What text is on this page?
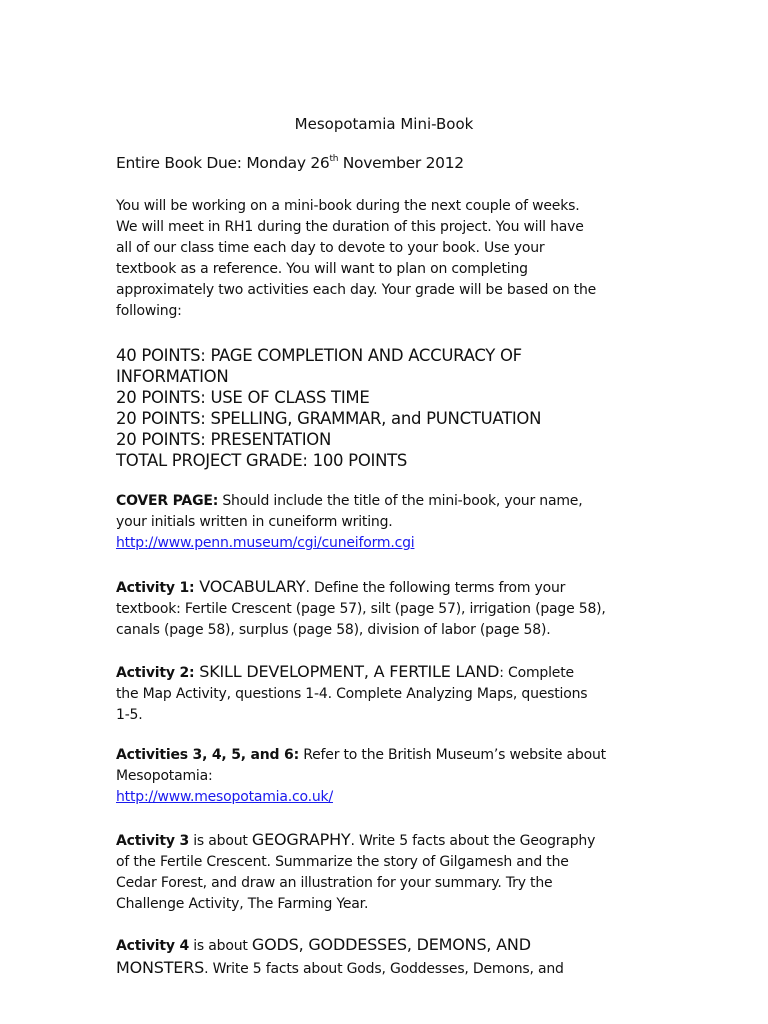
Mesopotamia Mini-Book

Entire Book Due: Monday 26th November 2012

You will be working on a mini-book during the next couple of weeks.

We will meet in RH1 during the duration of this project. You will have

all of our class time each day to devote to your book. Use your

textbook as a reference. You will want to plan on completing

approximately two activities each day. Your grade will be based on the

following:

40 POINTS: PAGE COMPLETION AND ACCURACY OF

INFORMATION

20 POINTS: USE OF CLASS TIME

20 POINTS: SPELLING, GRAMMAR, and PUNCTUATION

20 POINTS: PRESENTATION

TOTAL PROJECT GRADE: 100 POINTS

COVER PAGE: Should include the title of the mini-book, your name,

your initials written in cuneiform writing.

http://www.penn.museum/cgi/cuneiform.cgi

Activity 1: VOCABULARY. Define the following terms from your

textbook: Fertile Crescent (page 57), silt (page 57), irrigation (page 58),

canals (page 58), surplus (page 58), division of labor (page 58).

Activity 2: SKILL DEVELOPMENT, A FERTILE LAND: Complete

the Map Activity, questions 1-4. Complete Analyzing Maps, questions

1-5.

Activities 3, 4, 5, and 6: Refer to the British Museum’s website about

Mesopotamia:

http://www.mesopotamia.co.uk/

Activity 3 is about GEOGRAPHY. Write 5 facts about the Geography

of the Fertile Crescent. Summarize the story of Gilgamesh and the

Cedar Forest, and draw an illustration for your summary. Try the

Challenge Activity, The Farming Year.

Activity 4 is about GODS, GODDESSES, DEMONS, AND

MONSTERS. Write 5 facts about Gods, Goddesses, Demons, and
